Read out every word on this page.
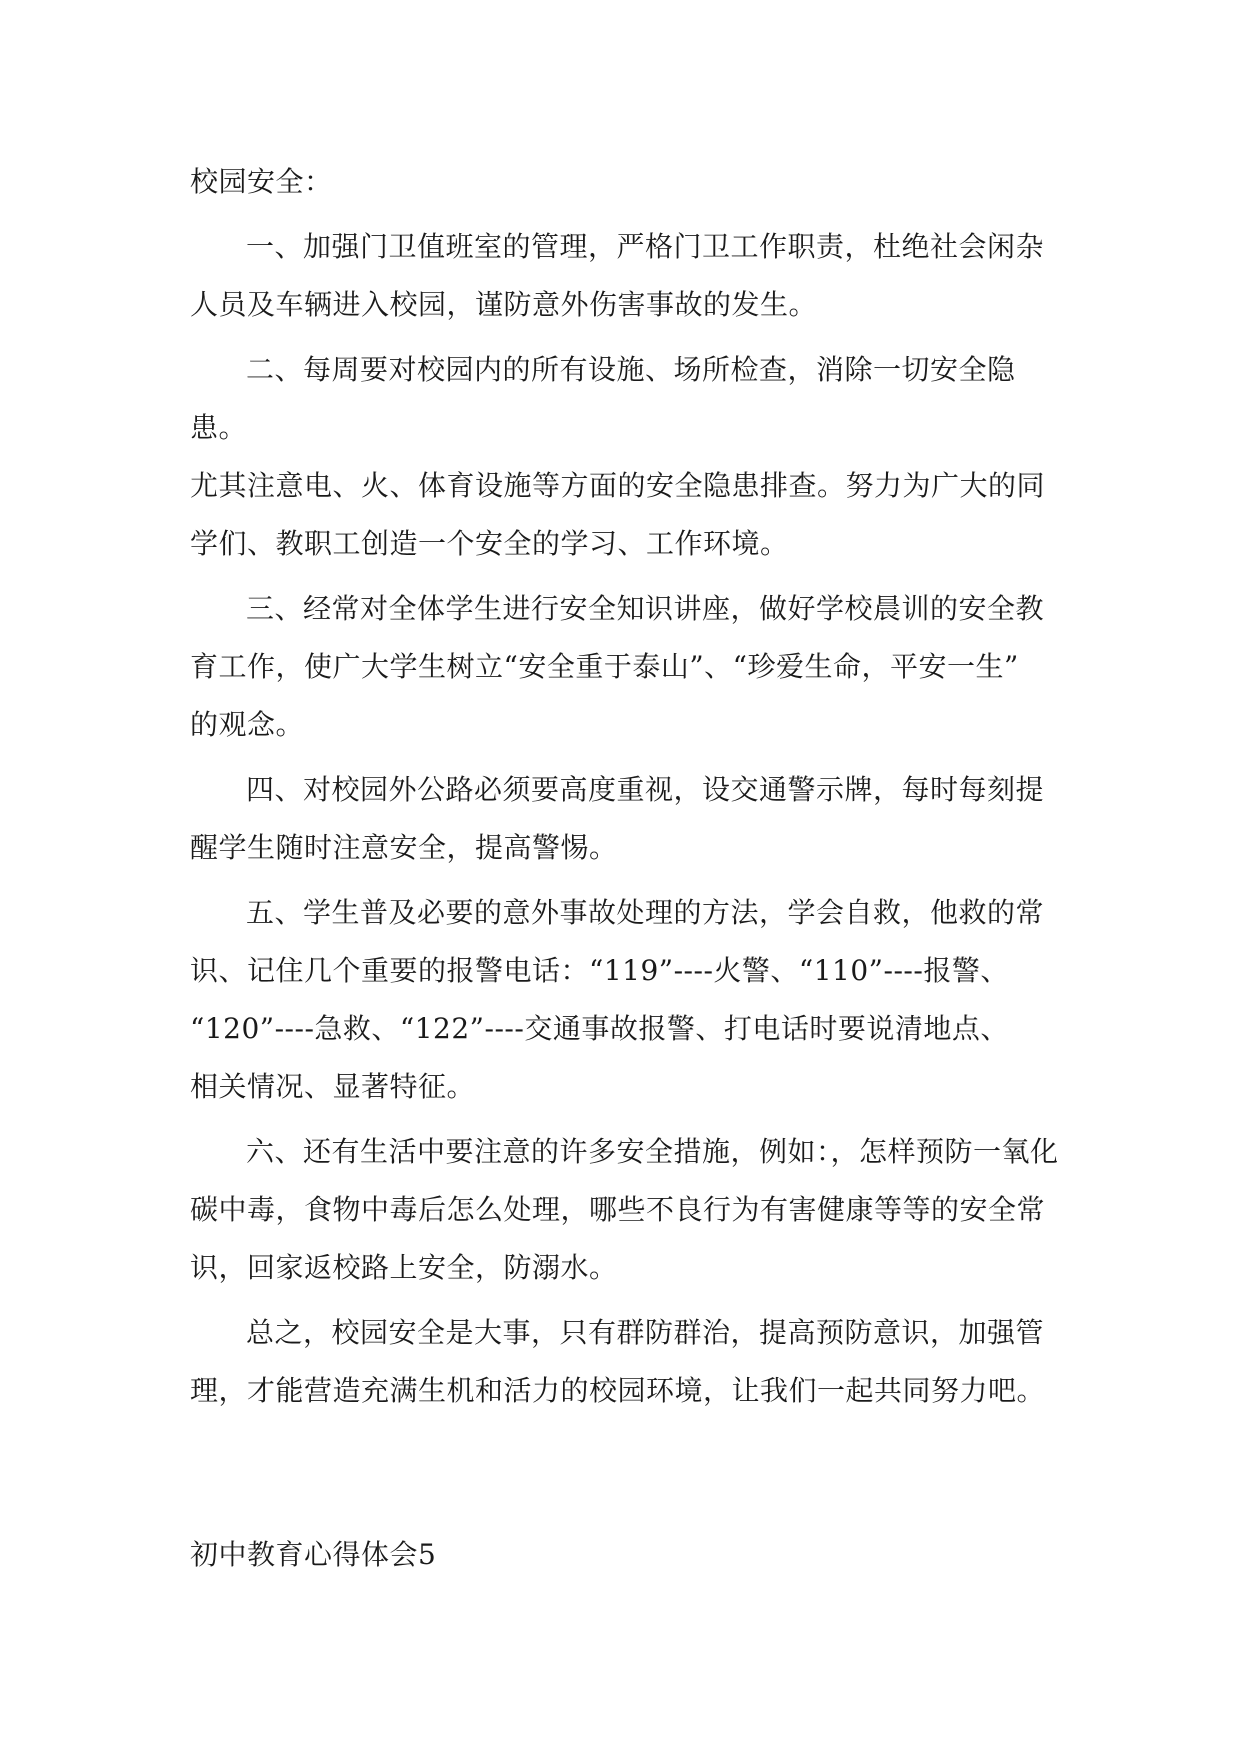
校园安全：
一、加强门卫值班室的管理，严格门卫工作职责，杜绝社会闲杂
人员及车辆进入校园，谨防意外伤害事故的发生。
二、每周要对校园内的所有设施、场所检查，消除一切安全隐患。
尤其注意电、火、体育设施等方面的安全隐患排查。努力为广大的同
学们、教职工创造一个安全的学习、工作环境。
三、经常对全体学生进行安全知识讲座，做好学校晨训的安全教
育工作，使广大学生树立“安全重于泰山”、“珍爱生命，平安一生”
的观念。
四、对校园外公路必须要高度重视，设交通警示牌，每时每刻提
醒学生随时注意安全，提高警惕。
五、学生普及必要的意外事故处理的方法，学会自救，他救的常
识、记住几个重要的报警电话：“119”----火警、“110”----报警、
“120”----急救、“122”----交通事故报警、打电话时要说清地点、
相关情况、显著特征。
六、还有生活中要注意的许多安全措施，例如：，怎样预防一氧化
碳中毒，食物中毒后怎么处理，哪些不良行为有害健康等等的安全常
识，回家返校路上安全，防溺水。
总之，校园安全是大事，只有群防群治，提高预防意识，加强管
理，才能营造充满生机和活力的校园环境，让我们一起共同努力吧。
初中教育心得体会5
